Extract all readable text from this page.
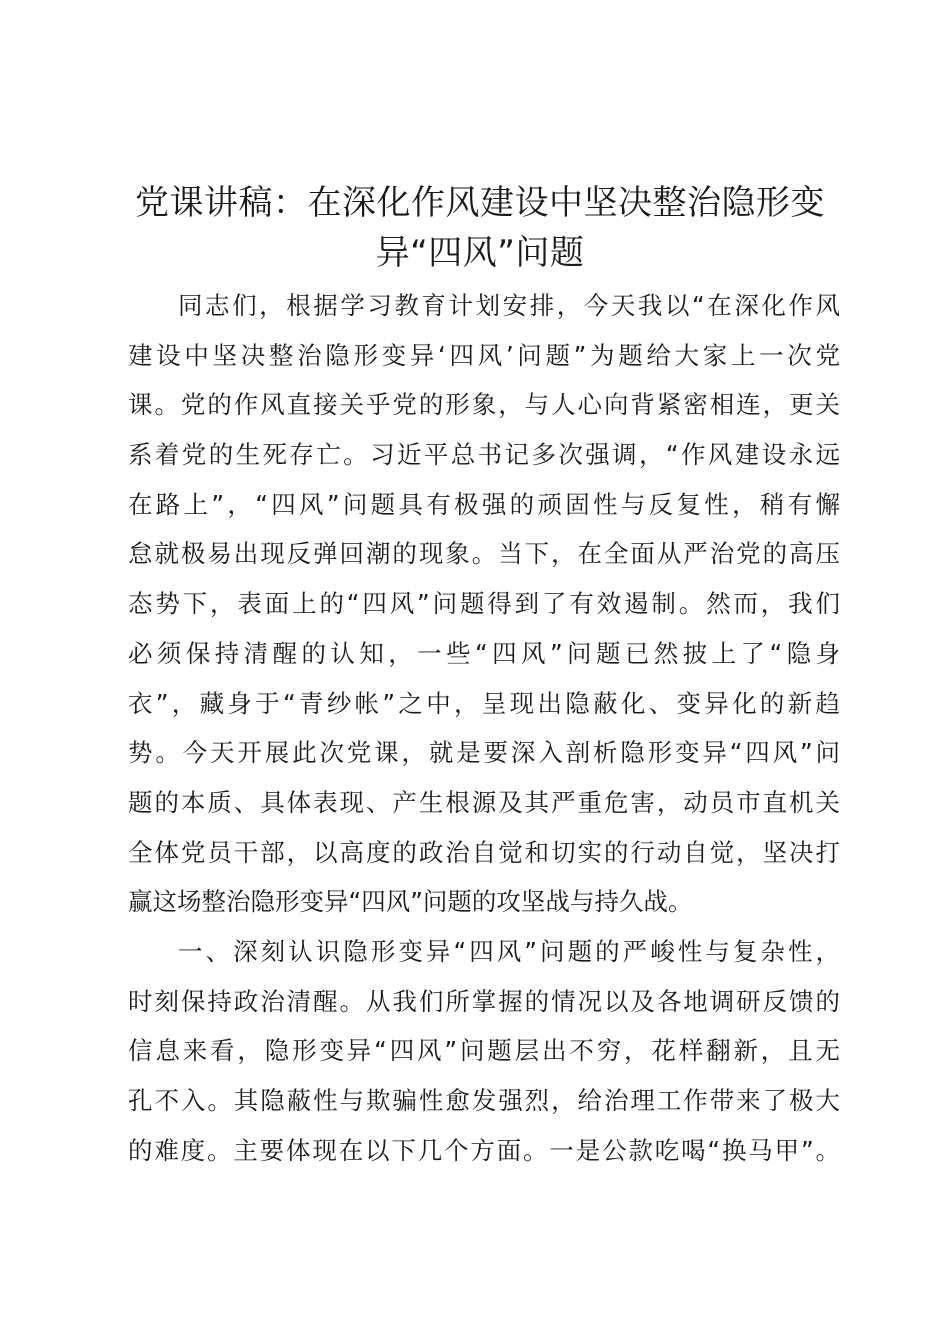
党课讲稿：在深化作风建设中坚决整治隐形变
异“四风”问题
同志们，根据学习教育计划安排，今天我以“在深化作风
建设中坚决整治隐形变异‘四风’问题”为题给大家上一次党
课。党的作风直接关乎党的形象，与人心向背紧密相连，更关
系着党的生死存亡。习近平总书记多次强调，“作风建设永远
在路上”，“四风”问题具有极强的顽固性与反复性，稍有懈
怠就极易出现反弹回潮的现象。当下，在全面从严治党的高压
态势下，表面上的“四风”问题得到了有效遏制。然而，我们
必须保持清醒的认知，一些“四风”问题已然披上了“隐身
衣”，藏身于“青纱帐”之中，呈现出隐蔽化、变异化的新趋
势。今天开展此次党课，就是要深入剖析隐形变异“四风”问
题的本质、具体表现、产生根源及其严重危害，动员市直机关
全体党员干部，以高度的政治自觉和切实的行动自觉，坚决打
赢这场整治隐形变异“四风”问题的攻坚战与持久战。
一、深刻认识隐形变异“四风”问题的严峻性与复杂性，
时刻保持政治清醒。从我们所掌握的情况以及各地调研反馈的
信息来看，隐形变异“四风”问题层出不穷，花样翻新，且无
孔不入。其隐蔽性与欺骗性愈发强烈，给治理工作带来了极大
的难度。主要体现在以下几个方面。一是公款吃喝“换马甲”。
